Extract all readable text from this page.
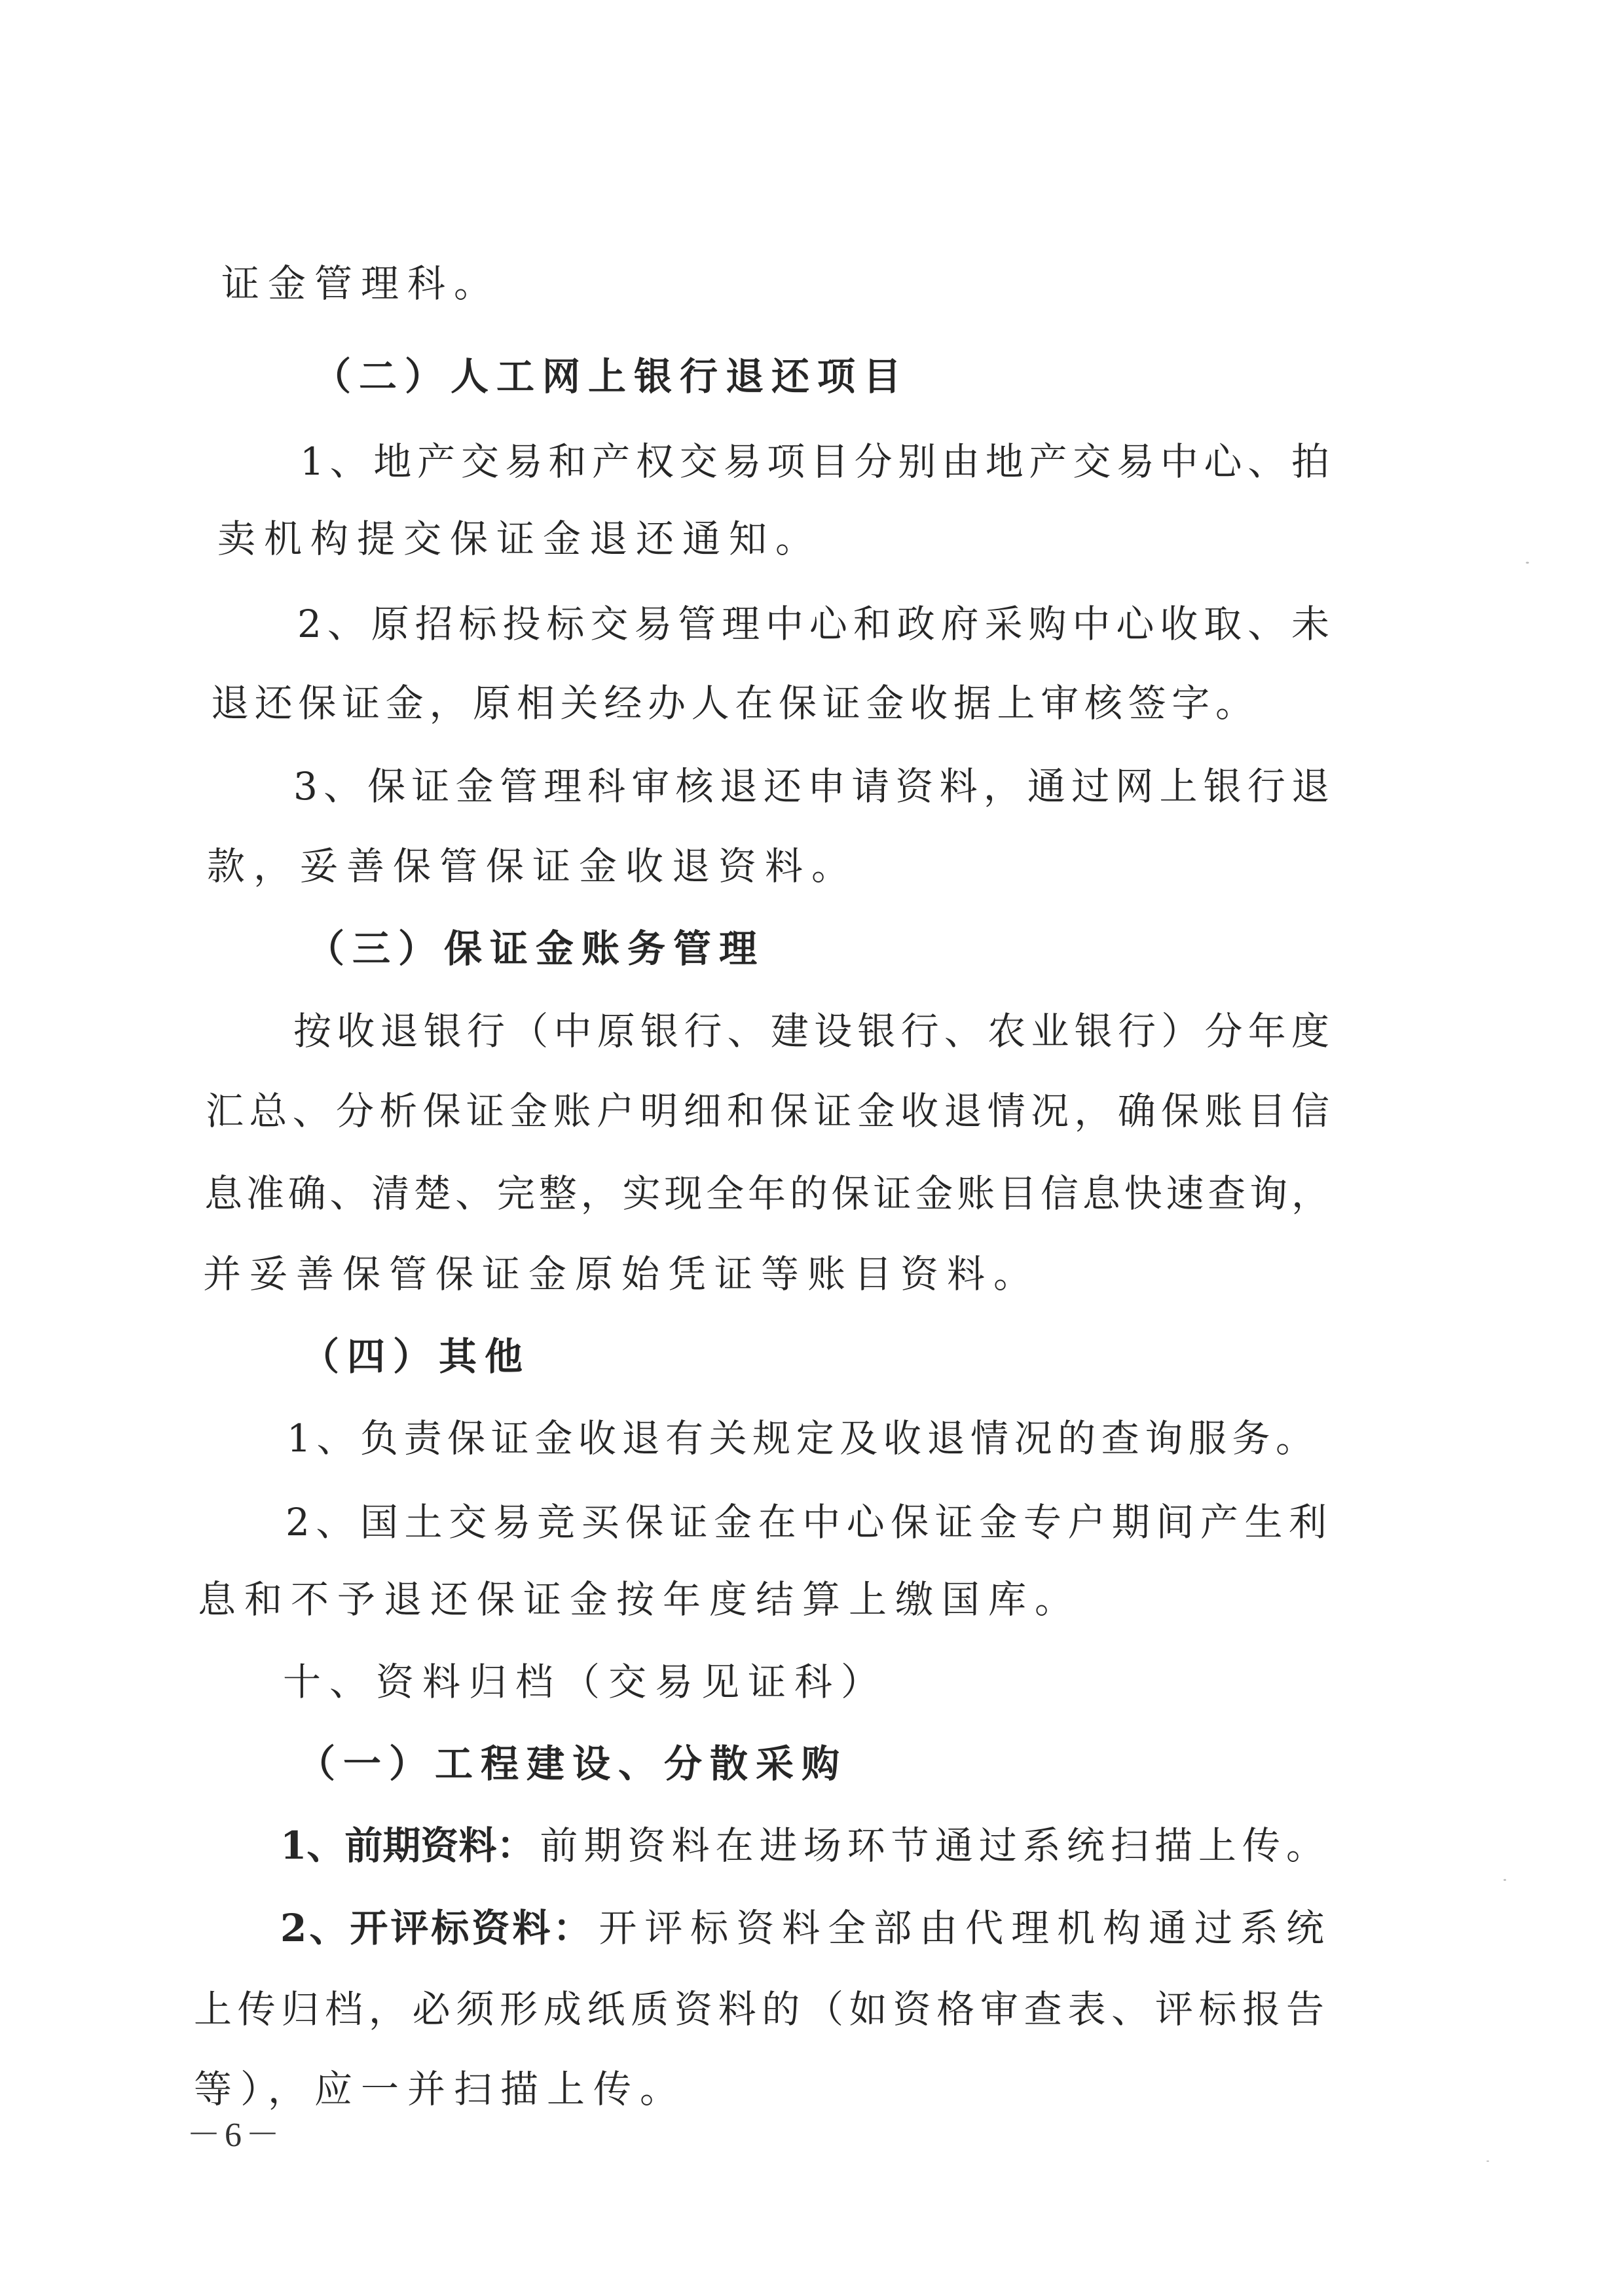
证金管理科。
（二）人工网上银行退还项目
1、地产交易和产权交易项目分别由地产交易中心、拍
卖机构提交保证金退还通知。
2、原招标投标交易管理中心和政府采购中心收取、未
退还保证金，原相关经办人在保证金收据上审核签字。
3、保证金管理科审核退还申请资料，通过网上银行退
款，妥善保管保证金收退资料。
（三）保证金账务管理
按收退银行（中原银行、建设银行、农业银行）分年度
汇总、分析保证金账户明细和保证金收退情况，确保账目信
息准确、清楚、完整，实现全年的保证金账目信息快速查询，
并妥善保管保证金原始凭证等账目资料。
（四）其他
1、负责保证金收退有关规定及收退情况的查询服务。
2、国土交易竞买保证金在中心保证金专户期间产生利
息和不予退还保证金按年度结算上缴国库。
十、资料归档（交易见证科）
（一）工程建设、分散采购
1、前期资料： 前期资料在进场环节通过系统扫描上传。
2、开评标资料： 开评标资料全部由代理机构通过系统
上传归档，必须形成纸质资料的（如资格审查表、评标报告
等），应一并扫描上传。
－6－
